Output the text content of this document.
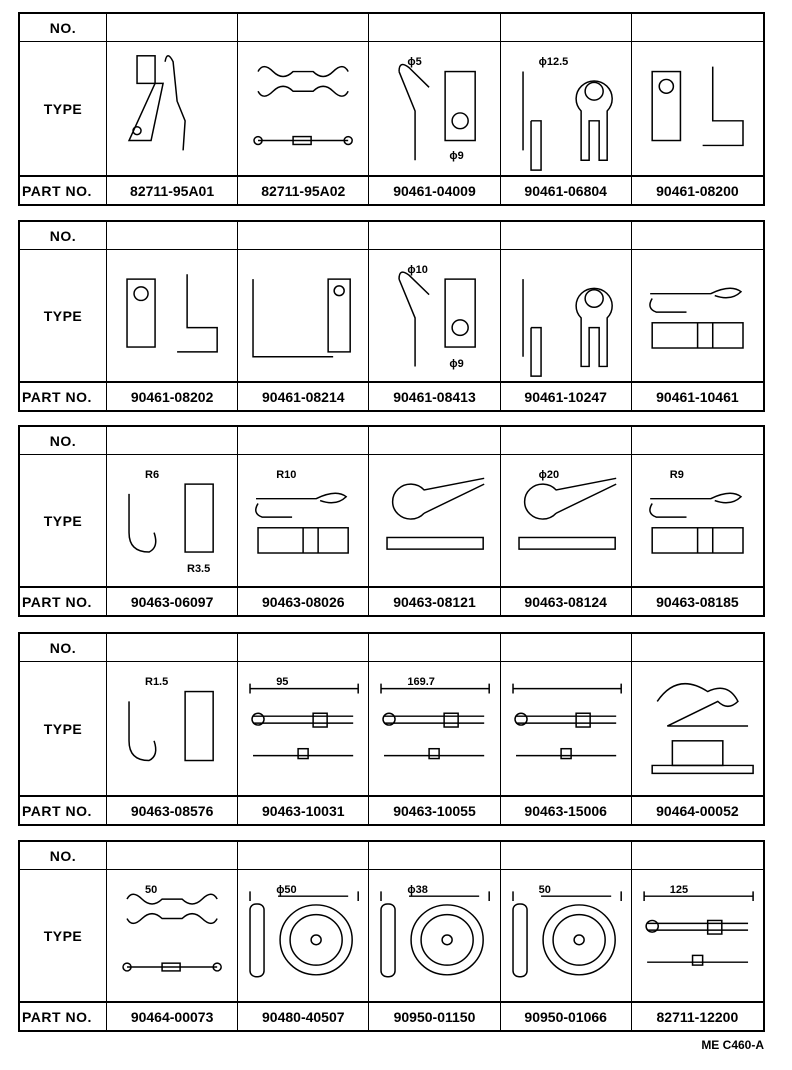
NO.
TYPE
ϕ5
ϕ9
ϕ12.5
PART NO.	82711-95A01	82711-95A02	90461-04009	90461-06804	90461-08200
NO.
TYPE
ϕ10
ϕ9
PART NO.	90461-08202	90461-08214	90461-08413	90461-10247	90461-10461
NO.
TYPE
R6
R3.5
R10	ϕ20	R9
PART NO.	90463-06097	90463-08026	90463-08121	90463-08124	90463-08185
NO.
TYPE
R1.5	95	169.7
PART NO.	90463-08576	90463-10031	90463-10055	90463-15006	90464-00052
NO.
TYPE
50	ϕ50	ϕ38	50	125
PART NO.	90464-00073	90480-40507	90950-01150	90950-01066	82711-12200
ME C460-A
